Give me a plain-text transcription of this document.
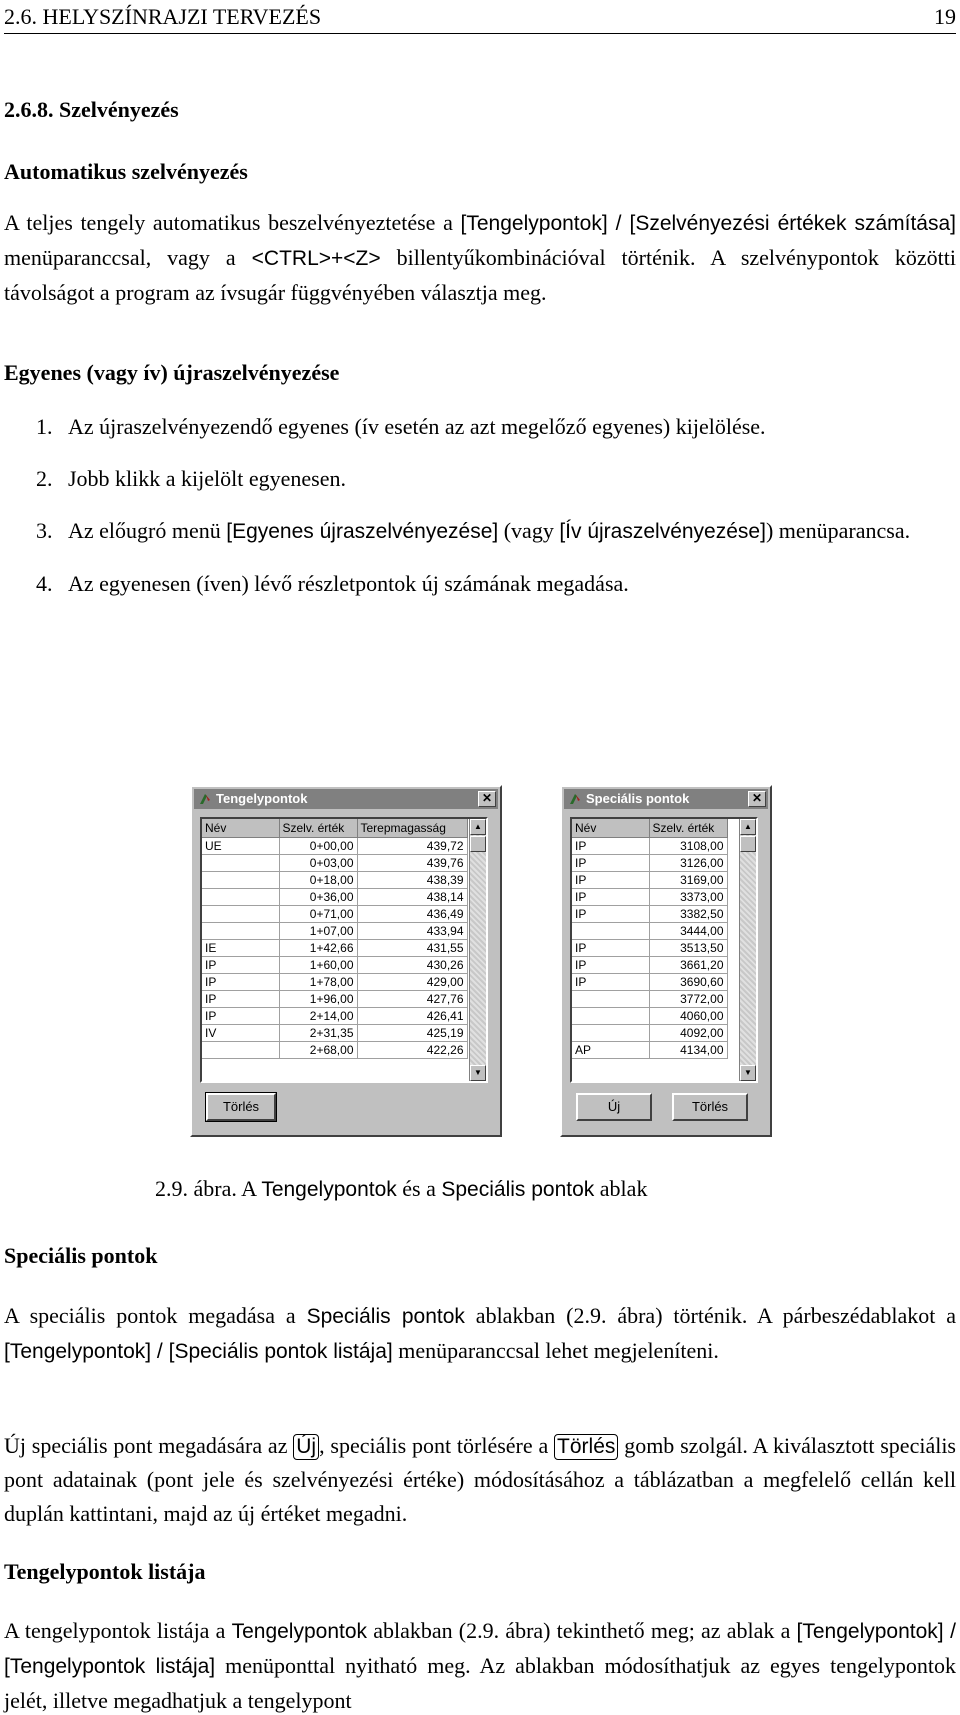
2.6. HELYSZÍNRAJZI TERVEZÉS	19
2.6.8. Szelvényezés
Automatikus szelvényezés

A teljes tengely automatikus beszelvényeztetése a [Tengelypontok] / [Szelvényezési értékek számítása] menüparanccsal, vagy a <CTRL>+<Z> billentyűkombinációval történik. A szelvénypontok közötti távolságot a program az ívsugár függvényében választja meg.

Egyenes (vagy ív) újraszelvényezése
1. Az újraszelvényezendő egyenes (ív esetén az azt megelőző egyenes) kijelölése.
2. Jobb klikk a kijelölt egyenesen.
3. Az előugró menü [Egyenes újraszelvényezése] (vagy [Ív újraszelvényezése]) menüparancsa.
4. Az egyenesen (íven) lévő részletpontok új számának megadása.
Tengelypontok	✕
Név	Szelv. érték	Terepmagasság
UE	0+00,00	439,72
	0+03,00	439,76
	0+18,00	438,39
	0+36,00	438,14
	0+71,00	436,49
	1+07,00	433,94
IE	1+42,66	431,55
IP	1+60,00	430,26
IP	1+78,00	429,00
IP	1+96,00	427,76
IP	2+14,00	426,41
IV	2+31,35	425,19
	2+68,00	422,26
▲
▼
Törlés
Speciális pontok	✕
Név	Szelv. érték
IP	3108,00
IP	3126,00
IP	3169,00
IP	3373,00
IP	3382,50
	3444,00
IP	3513,50
IP	3661,20
IP	3690,60
	3772,00
	4060,00
	4092,00
AP	4134,00
▲
▼
Új	Törlés

2.9. ábra. A Tengelypontok és a Speciális pontok ablak

Speciális pontok

A speciális pontok megadása a Speciális pontok ablakban (2.9. ábra) történik. A párbeszédablakot a [Tengelypontok] / [Speciális pontok listája] menüparanccsal lehet megjeleníteni.

Új speciális pont megadására az Új , speciális pont törlésére a Törlés gomb szolgál. A kiválasztott speciális pont adatainak (pont jele és szelvényezési értéke) módosításához a táblázatban a megfelelő cellán kell duplán kattintani, majd az új értéket megadni.

Tengelypontok listája

A tengelypontok listája a Tengelypontok ablakban (2.9. ábra) tekinthető meg; az ablak a [Tengelypontok] / [Tengelypontok listája] menüponttal nyitható meg. Az ablakban módosíthatjuk az egyes tengelypontok jelét, illetve megadhatjuk a tengelypont
